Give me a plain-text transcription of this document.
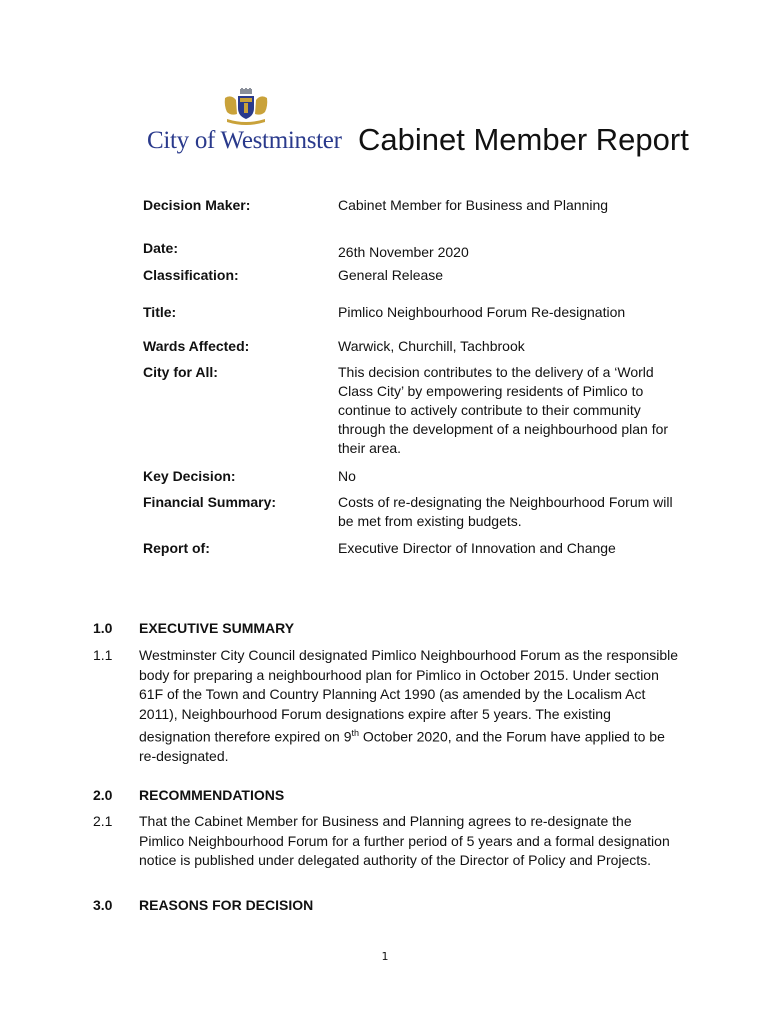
City of Westminster Cabinet Member Report
Decision Maker:	Cabinet Member for Business and Planning
Date:	26th November 2020
Classification:	General Release
Title:	Pimlico Neighbourhood Forum Re-designation
Wards Affected:	Warwick, Churchill, Tachbrook
City for All:	This decision contributes to the delivery of a ‘World Class City’ by empowering residents of Pimlico to continue to actively contribute to their community through the development of a neighbourhood plan for their area.
Key Decision:	No
Financial Summary:	Costs of re-designating the Neighbourhood Forum will be met from existing budgets.
Report of:	Executive Director of Innovation and Change
1.0 EXECUTIVE SUMMARY
1.1 Westminster City Council designated Pimlico Neighbourhood Forum as the responsible body for preparing a neighbourhood plan for Pimlico in October 2015. Under section 61F of the Town and Country Planning Act 1990 (as amended by the Localism Act 2011), Neighbourhood Forum designations expire after 5 years. The existing designation therefore expired on 9th October 2020, and the Forum have applied to be re-designated.
2.0 RECOMMENDATIONS
2.1 That the Cabinet Member for Business and Planning agrees to re-designate the Pimlico Neighbourhood Forum for a further period of 5 years and a formal designation notice is published under delegated authority of the Director of Policy and Projects.
3.0 REASONS FOR DECISION
1
